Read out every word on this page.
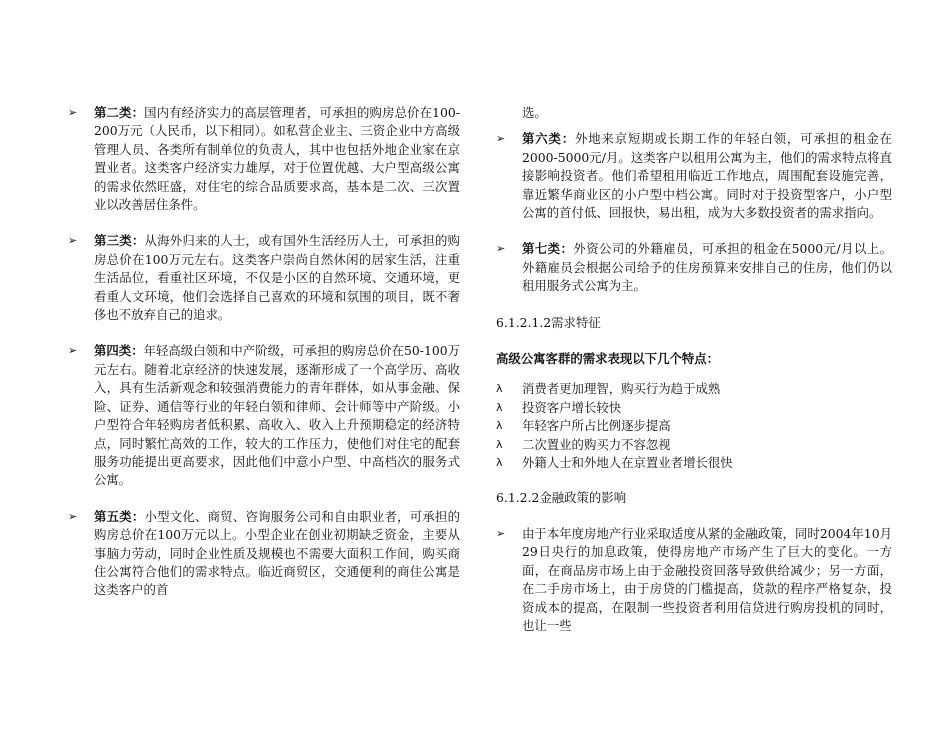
➢	第二类：国内有经济实力的高层管理者，可承担的购房总价在100-200万元（人民币，以下相同）。如私营企业主、三资企业中方高级管理人员、各类所有制单位的负责人，其中也包括外地企业家在京置业者。这类客户经济实力雄厚，对于位置优越、大户型高级公寓的需求依然旺盛，对住宅的综合品质要求高，基本是二次、三次置业以改善居住条件。
➢	第三类：从海外归来的人士，或有国外生活经历人士，可承担的购房总价在100万元左右。这类客户崇尚自然休闲的居家生活，注重生活品位，看重社区环境，不仅是小区的自然环境、交通环境，更看重人文环境，他们会选择自己喜欢的环境和氛围的项目，既不奢侈也不放弃自己的追求。
➢	第四类：年轻高级白领和中产阶级，可承担的购房总价在50-100万元左右。随着北京经济的快速发展，逐渐形成了一个高学历、高收入，具有生活新观念和较强消费能力的青年群体，如从事金融、保险、证券、通信等行业的年轻白领和律师、会计师等中产阶级。小户型符合年轻购房者低积累、高收入、收入上升预期稳定的经济特点，同时繁忙高效的工作，较大的工作压力，使他们对住宅的配套服务功能提出更高要求，因此他们中意小户型、中高档次的服务式公寓。
➢	第五类：小型文化、商贸、咨询服务公司和自由职业者，可承担的购房总价在100万元以上。小型企业在创业初期缺乏资金，主要从事脑力劳动，同时企业性质及规模也不需要大面积工作间，购买商住公寓符合他们的需求特点。临近商贸区，交通便利的商住公寓是这类客户的首
选。
➢	第六类：外地来京短期或长期工作的年轻白领，可承担的租金在2000-5000元/月。这类客户以租用公寓为主，他们的需求特点将直接影响投资者。他们希望租用临近工作地点，周围配套设施完善，靠近繁华商业区的小户型中档公寓。同时对于投资型客户，小户型公寓的首付低、回报快，易出租，成为大多数投资者的需求指向。
➢	第七类：外资公司的外籍雇员，可承担的租金在5000元/月以上。外籍雇员会根据公司给予的住房预算来安排自己的住房，他们仍以租用服务式公寓为主。
6.1.2.1.2需求特征
高级公寓客群的需求表现以下几个特点：
λ 消费者更加理智，购买行为趋于成熟
λ 投资客户增长较快
λ 年轻客户所占比例逐步提高
λ 二次置业的购买力不容忽视
λ 外籍人士和外地人在京置业者增长很快
6.1.2.2金融政策的影响
➢	由于本年度房地产行业采取适度从紧的金融政策，同时2004年10月29日央行的加息政策，使得房地产市场产生了巨大的变化。一方面，在商品房市场上由于金融投资回落导致供给减少；另一方面，在二手房市场上，由于房贷的门槛提高，贷款的程序严格复杂，投资成本的提高，在限制一些投资者利用信贷进行购房投机的同时，也让一些
